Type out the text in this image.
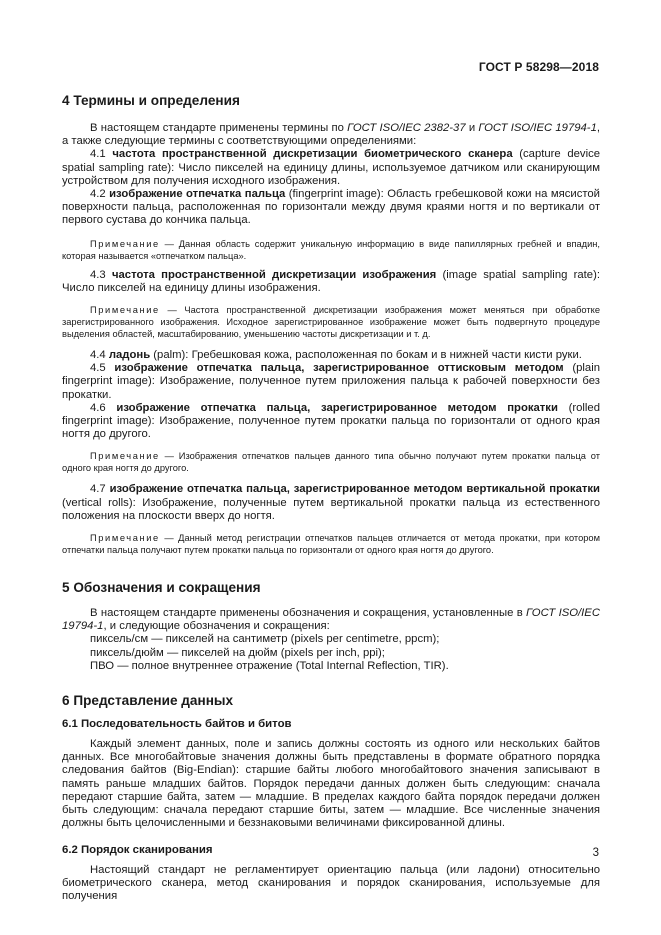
ГОСТ Р 58298—2018
4 Термины и определения

В настоящем стандарте применены термины по ГОСТ ISO/IEC 2382-37 и ГОСТ ISO/IEC 19794-1, а также следующие термины с соответствующими определениями:

4.1 частота пространственной дискретизации биометрического сканера (capture device spatial sampling rate): Число пикселей на единицу длины, используемое датчиком или сканирующим устройством для получения исходного изображения.

4.2 изображение отпечатка пальца (fingerprint image): Область гребешковой кожи на мясистой поверхности пальца, расположенная по горизонтали между двумя краями ногтя и по вертикали от первого сустава до кончика пальца.

Примечание — Данная область содержит уникальную информацию в виде папиллярных гребней и впадин, которая называется «отпечатком пальца».

4.3 частота пространственной дискретизации изображения (image spatial sampling rate): Число пикселей на единицу длины изображения.

Примечание — Частота пространственной дискретизации изображения может меняться при обработке зарегистрированного изображения. Исходное зарегистрированное изображение может быть подвергнуто процедуре выделения областей, масштабированию, уменьшению частоты дискретизации и т. д.

4.4 ладонь (palm): Гребешковая кожа, расположенная по бокам и в нижней части кисти руки.

4.5 изображение отпечатка пальца, зарегистрированное оттисковым методом (plain fingerprint image): Изображение, полученное путем приложения пальца к рабочей поверхности без прокатки.

4.6 изображение отпечатка пальца, зарегистрированное методом прокатки (rolled fingerprint image): Изображение, полученное путем прокатки пальца по горизонтали от одного края ногтя до другого.

Примечание — Изображения отпечатков пальцев данного типа обычно получают путем прокатки пальца от одного края ногтя до другого.

4.7 изображение отпечатка пальца, зарегистрированное методом вертикальной прокатки (vertical rolls): Изображение, полученные путем вертикальной прокатки пальца из естественного положения на плоскости вверх до ногтя.

Примечание — Данный метод регистрации отпечатков пальцев отличается от метода прокатки, при котором отпечатки пальца получают путем прокатки пальца по горизонтали от одного края ногтя до другого.

5 Обозначения и сокращения

В настоящем стандарте применены обозначения и сокращения, установленные в ГОСТ ISO/IEC 19794-1, и следующие обозначения и сокращения:

пиксель/см — пикселей на сантиметр (pixels per centimetre, ppcm);

пиксель/дюйм — пикселей на дюйм (pixels per inch, ppi);

ПВО — полное внутреннее отражение (Total Internal Reflection, TIR).

6 Представление данных
6.1 Последовательность байтов и битов

Каждый элемент данных, поле и запись должны состоять из одного или нескольких байтов данных. Все многобайтовые значения должны быть представлены в формате обратного порядка следования байтов (Big-Endian): старшие байты любого многобайтового значения записывают в память раньше младших байтов. Порядок передачи данных должен быть следующим: сначала передают старшие байта, затем — младшие. В пределах каждого байта порядок передачи должен быть следующим: сначала передают старшие биты, затем — младшие. Все численные значения должны быть целочисленными и беззнаковыми величинами фиксированной длины.

6.2 Порядок сканирования

Настоящий стандарт не регламентирует ориентацию пальца (или ладони) относительно биометрического сканера, метод сканирования и порядок сканирования, используемые для получения

3
